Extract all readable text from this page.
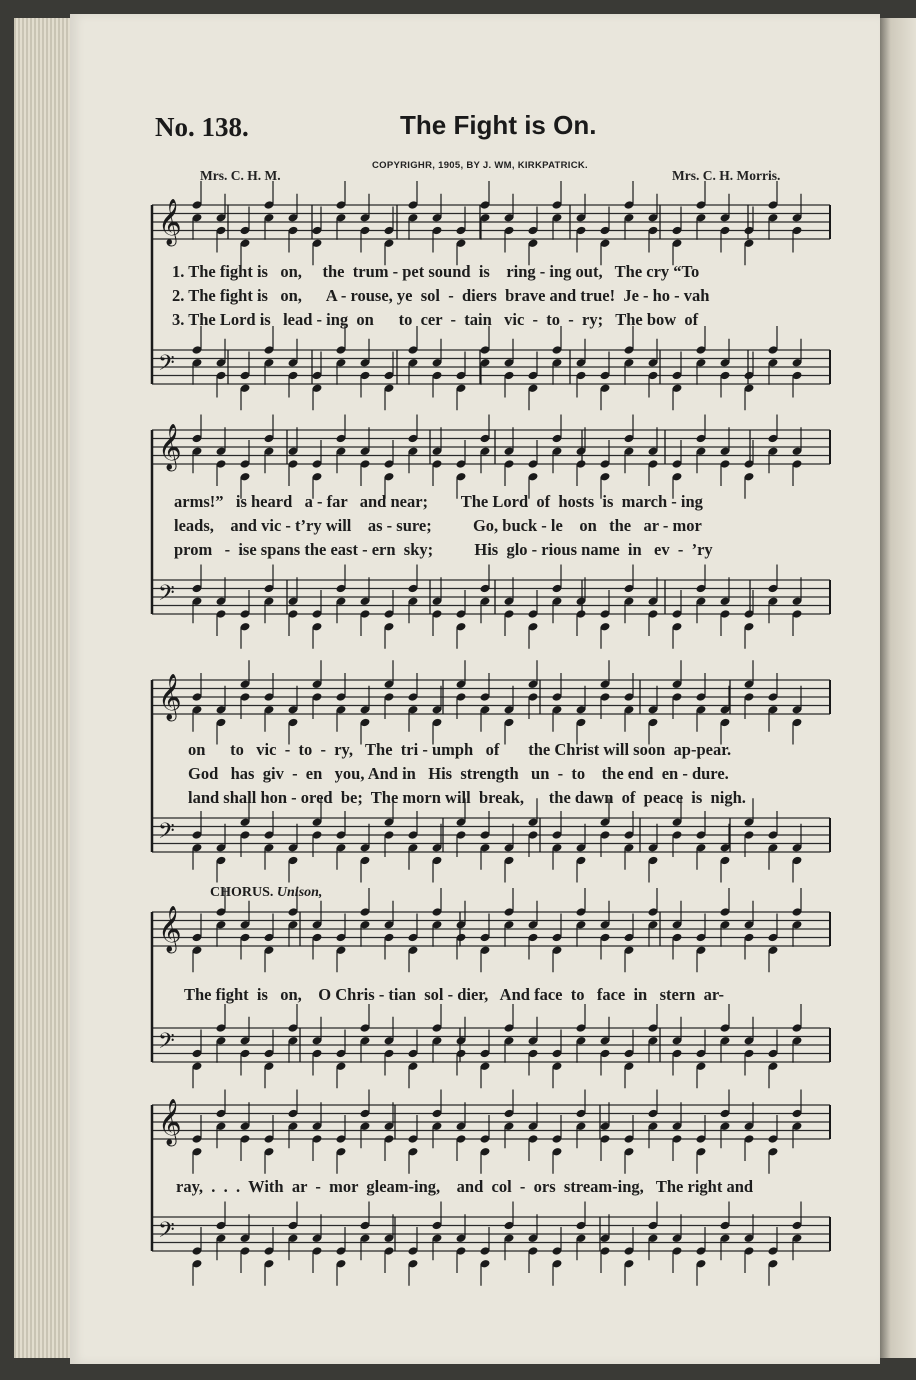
No. 138.	The Fight is On.
COPYRIGHR, 1905, BY J. WM, KIRKPATRICK.
Mrs. C. H. M.	Mrs. C. H. Morris.
𝄞
𝄢
𝄞
𝄢
𝄞
𝄢
𝄞
𝄢
𝄞
𝄢
1. The fight is   on,     the  trum - pet sound  is    ring - ing out,   The cry “To
2. The fight is   on,      A - rouse, ye  sol  -  diers  brave and true!  Je - ho - vah
3. The Lord is   lead - ing  on      to  cer  -  tain   vic  -  to  -  ry;   The bow  of
arms!”   is heard   a - far   and near;        The Lord  of  hosts  is  march - ing
leads,    and vic - t’ry will    as - sure;          Go, buck - le    on   the   ar - mor
prom   -  ise spans the east - ern  sky;          His  glo - rious name  in   ev  -  ’ry
on      to   vic  -  to  -  ry,   The  tri - umph   of       the Christ will soon  ap-pear.
God   has  giv  -  en   you, And in   His  strength   un  -  to    the end  en - dure.
land shall hon - ored  be;  The morn will  break,      the dawn  of  peace  is  nigh.
CHORUS. Unison,
The fight  is   on,    O Chris - tian  sol - dier,   And face  to   face  in   stern  ar-
ray,  .  .  .  With  ar  -  mor  gleam-ing,    and  col  -  ors  stream-ing,   The right and
